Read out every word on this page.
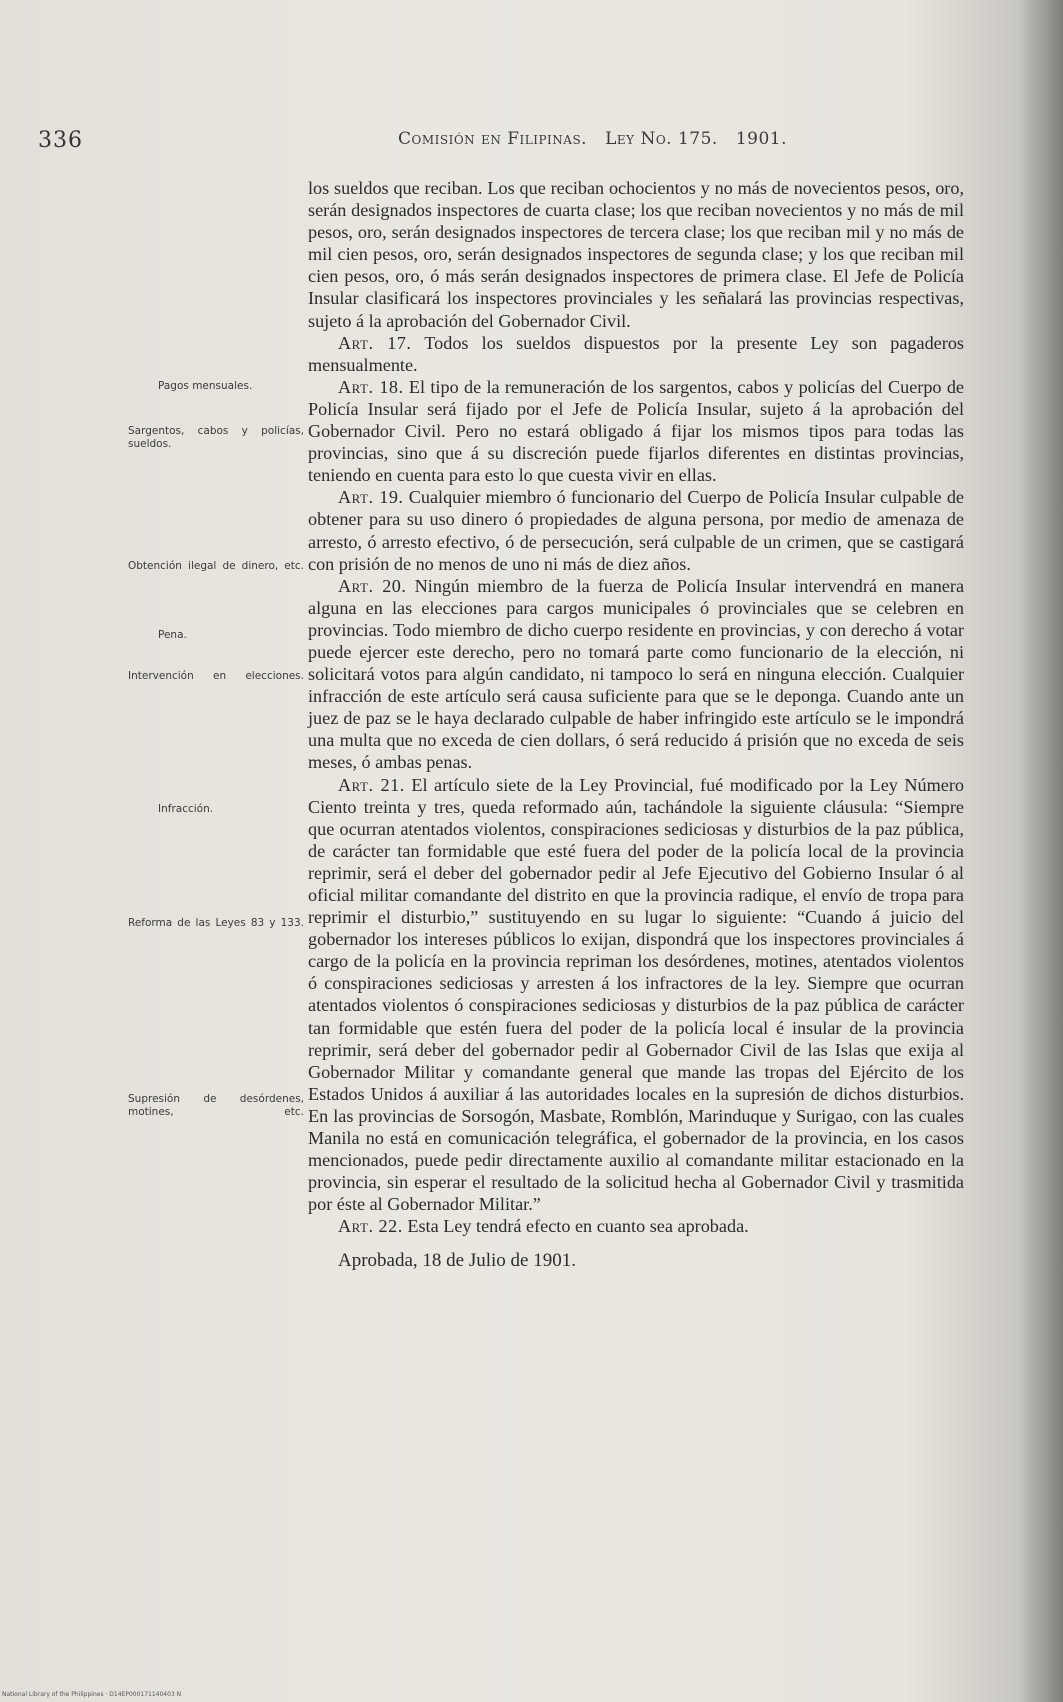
336	Comisión en Filipinas. Ley No. 175. 1901.
Pagos mensuales.
Sargentos, cabos y policías, sueldos.
Obtención ilegal de dinero, etc.
Pena.
Intervención en elecciones.
Infracción.
Reforma de las Leyes 83 y 133.
Supresión de desórdenes, motines, etc.

los sueldos que reciban. Los que reciban ochocientos y no más de novecientos pesos, oro, serán designados inspectores de cuarta clase; los que reciban novecientos y no más de mil pesos, oro, serán designados inspectores de tercera clase; los que reciban mil y no más de mil cien pesos, oro, serán designados inspectores de segunda clase; y los que reciban mil cien pesos, oro, ó más serán designados inspectores de primera clase. El Jefe de Policía Insular clasificará los inspectores provinciales y les señalará las provincias respectivas, sujeto á la aprobación del Gobernador Civil.

Art. 17. Todos los sueldos dispuestos por la presente Ley son pagaderos mensualmente.

Art. 18. El tipo de la remuneración de los sargentos, cabos y policías del Cuerpo de Policía Insular será fijado por el Jefe de Policía Insular, sujeto á la aprobación del Gobernador Civil. Pero no estará obligado á fijar los mismos tipos para todas las provincias, sino que á su discreción puede fijarlos diferentes en distintas provincias, teniendo en cuenta para esto lo que cuesta vivir en ellas.

Art. 19. Cualquier miembro ó funcionario del Cuerpo de Policía Insular culpable de obtener para su uso dinero ó propiedades de alguna persona, por medio de amenaza de arresto, ó arresto efectivo, ó de persecución, será culpable de un crimen, que se castigará con prisión de no menos de uno ni más de diez años.

Art. 20. Ningún miembro de la fuerza de Policía Insular intervendrá en manera alguna en las elecciones para cargos municipales ó provinciales que se celebren en provincias. Todo miembro de dicho cuerpo residente en provincias, y con derecho á votar puede ejercer este derecho, pero no tomará parte como funcionario de la elección, ni solicitará votos para algún candidato, ni tampoco lo será en ninguna elección. Cualquier infracción de este artículo será causa suficiente para que se le deponga. Cuando ante un juez de paz se le haya declarado culpable de haber infringido este artículo se le impondrá una multa que no exceda de cien dollars, ó será reducido á prisión que no exceda de seis meses, ó ambas penas.

Art. 21. El artículo siete de la Ley Provincial, fué modificado por la Ley Número Ciento treinta y tres, queda reformado aún, tachándole la siguiente cláusula: “Siempre que ocurran atentados violentos, conspiraciones sediciosas y disturbios de la paz pública, de carácter tan formidable que esté fuera del poder de la policía local de la provincia reprimir, será el deber del gobernador pedir al Jefe Ejecutivo del Gobierno Insular ó al oficial militar comandante del distrito en que la provincia radique, el envío de tropa para reprimir el disturbio,” sustituyendo en su lugar lo siguiente: “Cuando á juicio del gobernador los intereses públicos lo exijan, dispondrá que los inspectores provinciales á cargo de la policía en la provincia repriman los desórdenes, motines, atentados violentos ó conspiraciones sediciosas y arresten á los infractores de la ley. Siempre que ocurran atentados violentos ó conspiraciones sediciosas y disturbios de la paz pública de carácter tan formidable que estén fuera del poder de la policía local é insular de la provincia reprimir, será deber del gobernador pedir al Gobernador Civil de las Islas que exija al Gobernador Militar y comandante general que mande las tropas del Ejército de los Estados Unidos á auxiliar á las autoridades locales en la supresión de dichos disturbios. En las provincias de Sorsogón, Masbate, Romblón, Marinduque y Surigao, con las cuales Manila no está en comunicación telegráfica, el gobernador de la provincia, en los casos mencionados, puede pedir directamente auxilio al comandante militar estacionado en la provincia, sin esperar el resultado de la solicitud hecha al Gobernador Civil y trasmitida por éste al Gobernador Militar.”

Art. 22. Esta Ley tendrá efecto en cuanto sea aprobada.

Aprobada, 18 de Julio de 1901.

National Library of the Philippines · D14EP000171140403 N
